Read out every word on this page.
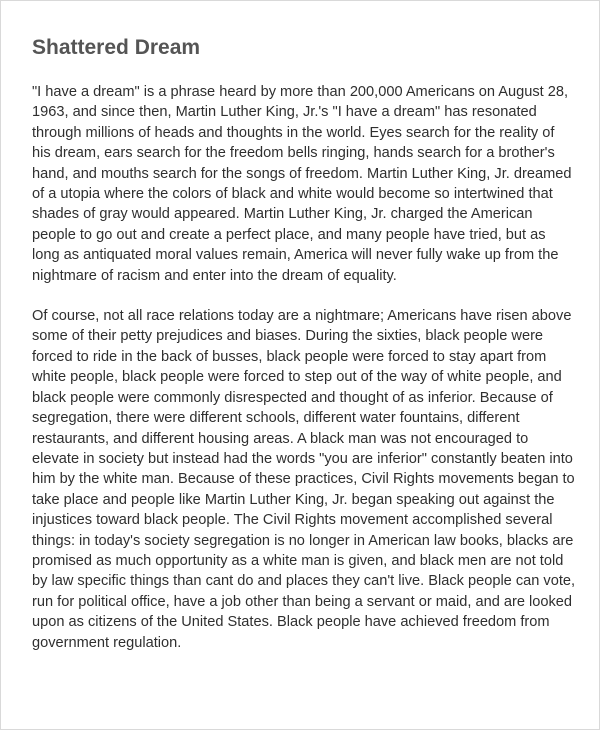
Shattered Dream

"I have a dream" is a phrase heard by more than 200,000 Americans on August 28, 1963, and since then, Martin Luther King, Jr.'s "I have a dream" has resonated through millions of heads and thoughts in the world. Eyes search for the reality of his dream, ears search for the freedom bells ringing, hands search for a brother's hand, and mouths search for the songs of freedom. Martin Luther King, Jr. dreamed of a utopia where the colors of black and white would become so intertwined that shades of gray would appeared. Martin Luther King, Jr. charged the American people to go out and create a perfect place, and many people have tried, but as long as antiquated moral values remain, America will never fully wake up from the nightmare of racism and enter into the dream of equality.

Of course, not all race relations today are a nightmare; Americans have risen above some of their petty prejudices and biases. During the sixties, black people were forced to ride in the back of busses, black people were forced to stay apart from white people, black people were forced to step out of the way of white people, and black people were commonly disrespected and thought of as inferior. Because of segregation, there were different schools, different water fountains, different restaurants, and different housing areas. A black man was not encouraged to elevate in society but instead had the words "you are inferior" constantly beaten into him by the white man. Because of these practices, Civil Rights movements began to take place and people like Martin Luther King, Jr. began speaking out against the injustices toward black people. The Civil Rights movement accomplished several things: in today's society segregation is no longer in American law books, blacks are promised as much opportunity as a white man is given, and black men are not told by law specific things than cant do and places they can't live. Black people can vote, run for political office, have a job other than being a servant or maid, and are looked upon as citizens of the United States. Black people have achieved freedom from government regulation.
